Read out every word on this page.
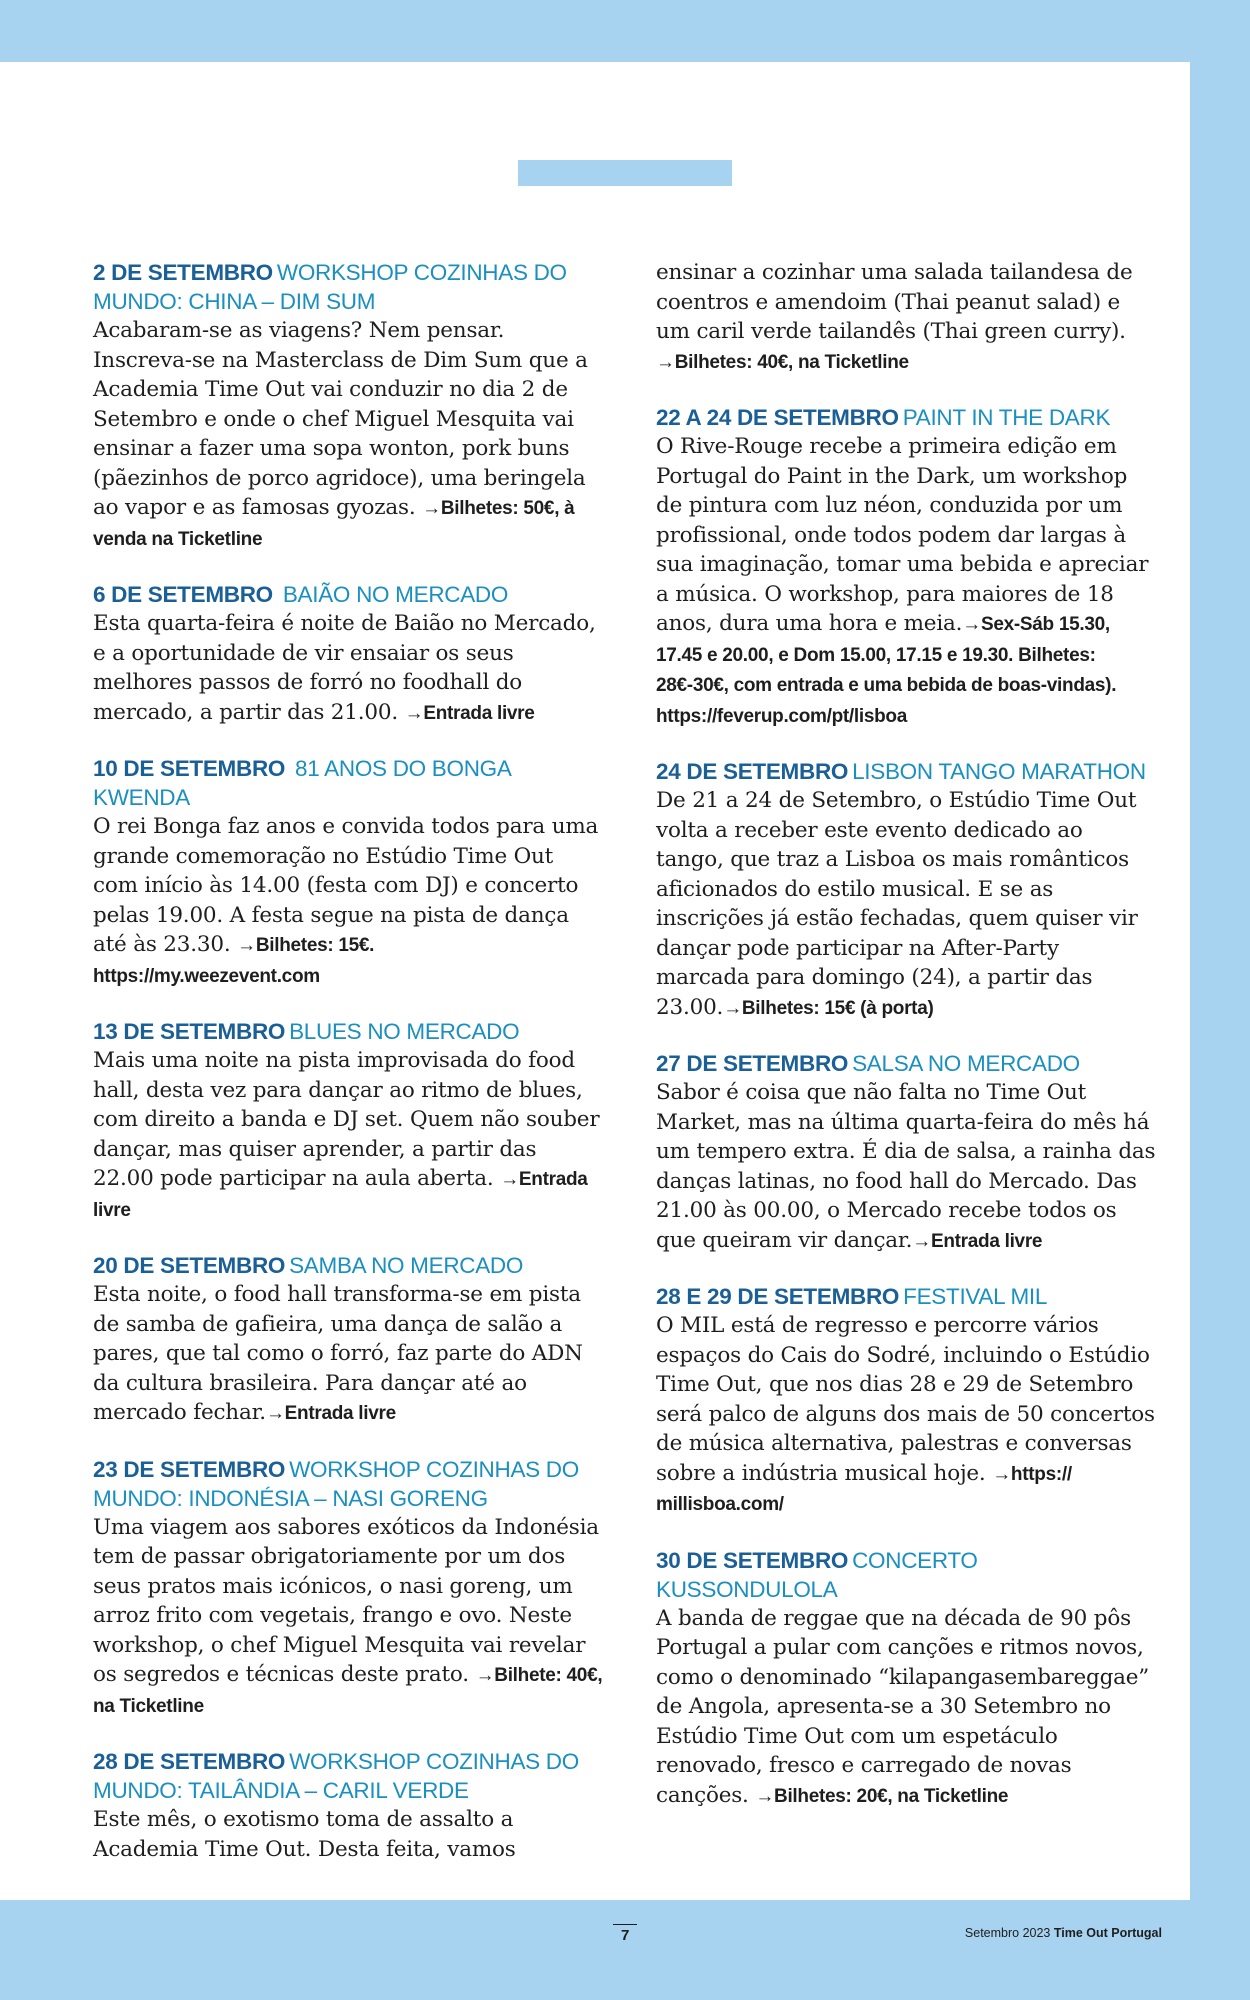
2 DE SETEMBRO WORKSHOP COZINHAS DO MUNDO: CHINA – DIM SUM

Acabaram-se as viagens? Nem pensar. Inscreva-se na Masterclass de Dim Sum que a Academia Time Out vai conduzir no dia 2 de Setembro e onde o chef Miguel Mesquita vai ensinar a fazer uma sopa wonton, pork buns (pãezinhos de porco agridoce), uma beringela ao vapor e as famosas gyozas. →Bilhetes: 50€, à venda na Ticketline

6 DE SETEMBRO BAIÃO NO MERCADO

Esta quarta-feira é noite de Baião no Mercado, e a oportunidade de vir ensaiar os seus melhores passos de forró no foodhall do mercado, a partir das 21.00. →Entrada livre

10 DE SETEMBRO 81 ANOS DO BONGA KWENDA

O rei Bonga faz anos e convida todos para uma grande comemoração no Estúdio Time Out com início às 14.00 (festa com DJ) e concerto pelas 19.00. A festa segue na pista de dança até às 23.30. →Bilhetes: 15€. https://my.weezevent.com

13 DE SETEMBRO BLUES NO MERCADO

Mais uma noite na pista improvisada do food hall, desta vez para dançar ao ritmo de blues, com direito a banda e DJ set. Quem não souber dançar, mas quiser aprender, a partir das 22.00 pode participar na aula aberta. →Entrada livre

20 DE SETEMBRO SAMBA NO MERCADO

Esta noite, o food hall transforma-se em pista de samba de gafieira, uma dança de salão a pares, que tal como o forró, faz parte do ADN da cultura brasileira. Para dançar até ao mercado fechar.→Entrada livre

23 DE SETEMBRO WORKSHOP COZINHAS DO MUNDO: INDONÉSIA – NASI GORENG

Uma viagem aos sabores exóticos da Indonésia tem de passar obrigatoriamente por um dos seus pratos mais icónicos, o nasi goreng, um arroz frito com vegetais, frango e ovo. Neste workshop, o chef Miguel Mesquita vai revelar os segredos e técnicas deste prato. →Bilhete: 40€, na Ticketline

28 DE SETEMBRO WORKSHOP COZINHAS DO MUNDO: TAILÂNDIA – CARIL VERDE

Este mês, o exotismo toma de assalto a Academia Time Out. Desta feita, vamos

ensinar a cozinhar uma salada tailandesa de coentros e amendoim (Thai peanut salad) e um caril verde tailandês (Thai green curry). →Bilhetes: 40€, na Ticketline

22 A 24 DE SETEMBRO PAINT IN THE DARK

O Rive-Rouge recebe a primeira edição em Portugal do Paint in the Dark, um workshop de pintura com luz néon, conduzida por um profissional, onde todos podem dar largas à sua imaginação, tomar uma bebida e apreciar a música. O workshop, para maiores de 18 anos, dura uma hora e meia.→Sex-Sáb 15.30, 17.45 e 20.00, e Dom 15.00, 17.15 e 19.30. Bilhetes: 28€-30€, com entrada e uma bebida de boas-vindas). https://feverup.com/pt/lisboa

24 DE SETEMBRO LISBON TANGO MARATHON

De 21 a 24 de Setembro, o Estúdio Time Out volta a receber este evento dedicado ao tango, que traz a Lisboa os mais românticos aficionados do estilo musical. E se as inscrições já estão fechadas, quem quiser vir dançar pode participar na After-Party marcada para domingo (24), a partir das 23.00.→Bilhetes: 15€ (à porta)

27 DE SETEMBRO SALSA NO MERCADO

Sabor é coisa que não falta no Time Out Market, mas na última quarta-feira do mês há um tempero extra. É dia de salsa, a rainha das danças latinas, no food hall do Mercado. Das 21.00 às 00.00, o Mercado recebe todos os que queiram vir dançar.→Entrada livre

28 E 29 DE SETEMBRO FESTIVAL MIL

O MIL está de regresso e percorre vários espaços do Cais do Sodré, incluindo o Estúdio Time Out, que nos dias 28 e 29 de Setembro será palco de alguns dos mais de 50 concertos de música alternativa, palestras e conversas sobre a indústria musical hoje. →https:// millisboa.com/

30 DE SETEMBRO CONCERTO KUSSONDULOLA

A banda de reggae que na década de 90 pôs Portugal a pular com canções e ritmos novos, como o denominado “kilapangasembareggae” de Angola, apresenta-se a 30 Setembro no Estúdio Time Out com um espetáculo renovado, fresco e carregado de novas canções. →Bilhetes: 20€, na Ticketline

7	Setembro 2023 Time Out Portugal
